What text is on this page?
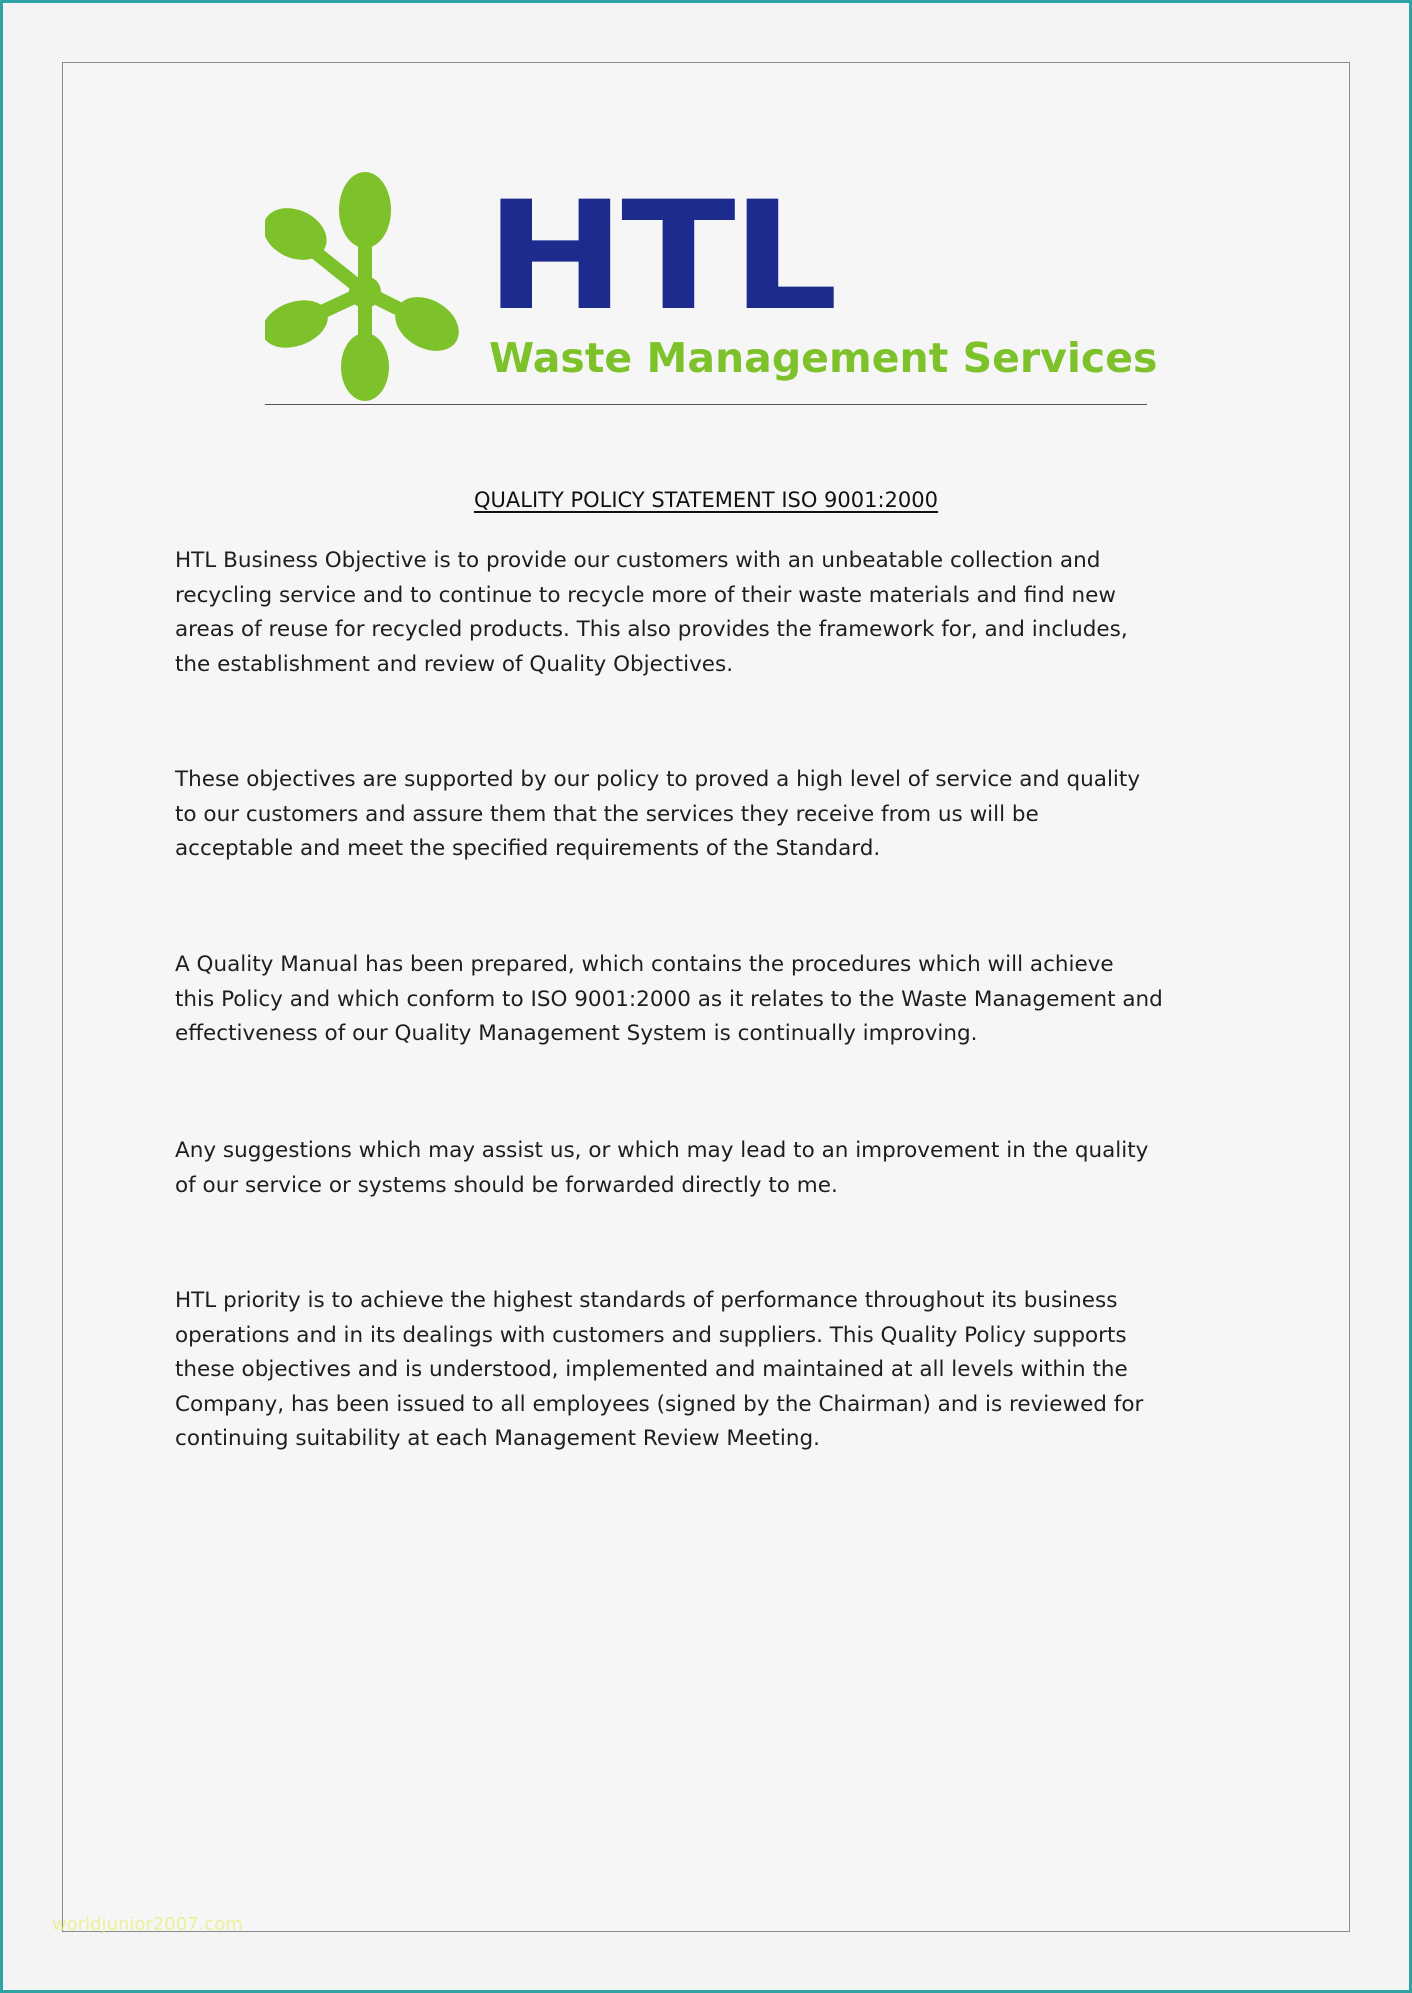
HTL

Waste Management Services

QUALITY POLICY STATEMENT ISO 9001:2000

HTL Business Objective is to provide our customers with an unbeatable collection and
recycling service and to continue to recycle more of their waste materials and find new
areas of reuse for recycled products. This also provides the framework for, and includes,
the establishment and review of Quality Objectives.

These objectives are supported by our policy to proved a high level of service and quality
to our customers and assure them that the services they receive from us will be
acceptable and meet the specified requirements of the Standard.

A Quality Manual has been prepared, which contains the procedures which will achieve
this Policy and which conform to ISO 9001:2000 as it relates to the Waste Management and
effectiveness of our Quality Management System is continually improving.

Any suggestions which may assist us, or which may lead to an improvement in the quality
of our service or systems should be forwarded directly to me.

HTL priority is to achieve the highest standards of performance throughout its business
operations and in its dealings with customers and suppliers. This Quality Policy supports
these objectives and is understood, implemented and maintained at all levels within the
Company, has been issued to all employees (signed by the Chairman) and is reviewed for
continuing suitability at each Management Review Meeting.

worldjunior2007.com
